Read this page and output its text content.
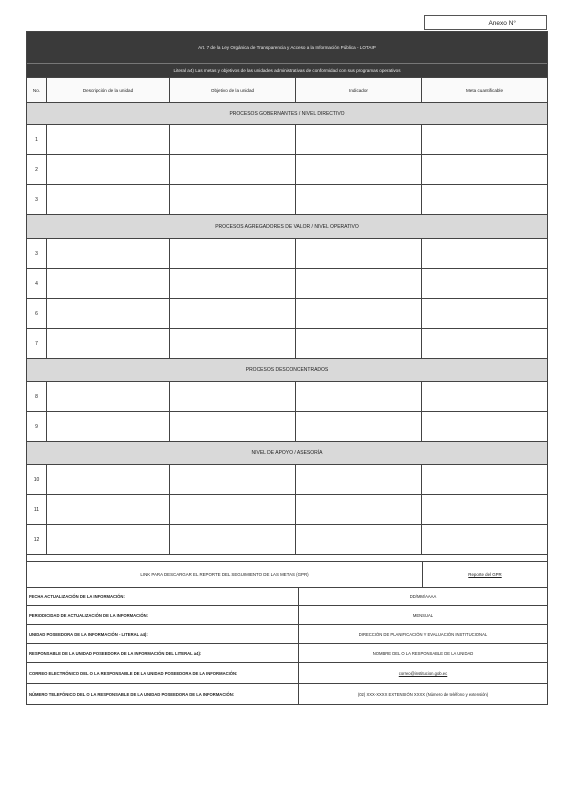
Anexo N°
Art. 7 de la Ley Orgánica de Transparencia y Acceso a la Información Pública - LOTAIP
Literal a4) Las metas y objetivos de las unidades administrativas de conformidad con sus programas operativos
No.	Descripción de la unidad	Objetivo de la unidad	Indicador	Meta cuantificable
PROCESOS GOBERNANTES / NIVEL DIRECTIVO
1
2
3
PROCESOS AGREGADORES DE VALOR / NIVEL OPERATIVO
3
4
6
7
PROCESOS DESCONCENTRADOS
8
9
NIVEL DE APOYO / ASESORÍA
10
11
12
LINK PARA DESCARGAR EL REPORTE DEL SEGUIMIENTO DE LAS METAS (GPR)	Reporte del GPR
FECHA ACTUALIZACIÓN DE LA INFORMACIÓN:	DD/MM/AAAA
PERIODICIDAD DE ACTUALIZACIÓN DE LA INFORMACIÓN:	MENSUAL
UNIDAD POSEEDORA DE LA INFORMACIÓN - LITERAL a4):	DIRECCIÓN DE PLANIFICACIÓN Y EVALUACIÓN INSTITUCIONAL
RESPONSABLE DE LA UNIDAD POSEEDORA DE LA INFORMACIÓN DEL LITERAL a4):	NOMBRE DEL O LA RESPONSABLE DE LA UNIDAD
CORREO ELECTRÓNICO DEL O LA RESPONSABLE DE LA UNIDAD POSEEDORA DE LA INFORMACIÓN:	correo@institucion.gob.ec
NÚMERO TELEFÓNICO DEL O LA RESPONSABLE DE LA UNIDAD POSEEDORA DE LA INFORMACIÓN:	(02) XXX-XXXX EXTENSIÓN XXXX (Número de teléfono y extensión)
